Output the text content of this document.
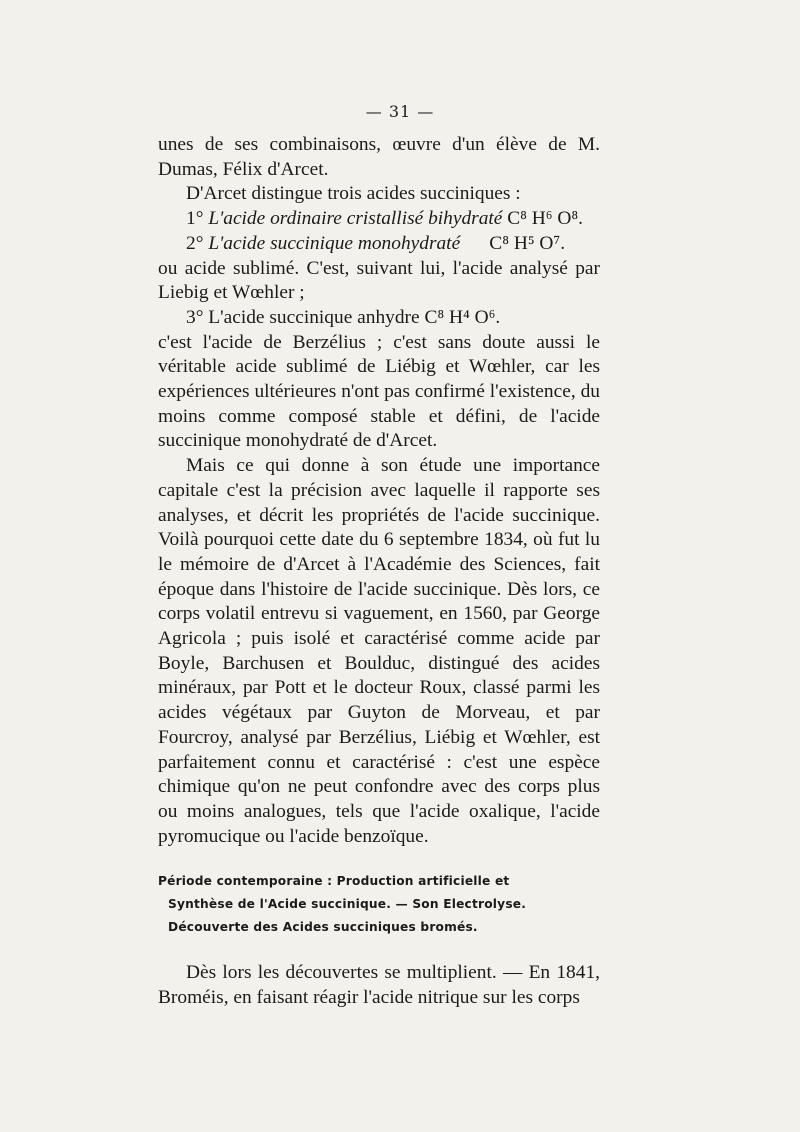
— 31 —

unes de ses combinaisons, œuvre d'un élève de M. Dumas, Félix d'Arcet.

D'Arcet distingue trois acides succiniques :

1° L'acide ordinaire cristallisé bihydraté C⁸ H⁶ O⁸.

2° L'acide succinique monohydraté C⁸ H⁵ O⁷.

ou acide sublimé. C'est, suivant lui, l'acide analysé par Liebig et Wœhler ;

3° L'acide succinique anhydre C⁸ H⁴ O⁶.

c'est l'acide de Berzélius ; c'est sans doute aussi le véritable acide sublimé de Liébig et Wœhler, car les expériences ultérieures n'ont pas confirmé l'existence, du moins comme composé stable et défini, de l'acide succinique monohydraté de d'Arcet.

Mais ce qui donne à son étude une importance capitale c'est la précision avec laquelle il rapporte ses analyses, et décrit les propriétés de l'acide succinique. Voilà pourquoi cette date du 6 septembre 1834, où fut lu le mémoire de d'Arcet à l'Académie des Sciences, fait époque dans l'histoire de l'acide succinique. Dès lors, ce corps volatil entrevu si vaguement, en 1560, par George Agricola ; puis isolé et caractérisé comme acide par Boyle, Barchusen et Boulduc, distingué des acides minéraux, par Pott et le docteur Roux, classé parmi les acides végétaux par Guyton de Morveau, et par Fourcroy, analysé par Berzélius, Liébig et Wœhler, est parfaitement connu et caractérisé : c'est une espèce chimique qu'on ne peut confondre avec des corps plus ou moins analogues, tels que l'acide oxalique, l'acide pyromucique ou l'acide benzoïque.

Période contemporaine : Production artificielle et
Synthèse de l'Acide succinique. — Son Electrolyse.
Découverte des Acides succiniques bromés.

Dès lors les découvertes se multiplient. — En 1841, Broméis, en faisant réagir l'acide nitrique sur les corps
